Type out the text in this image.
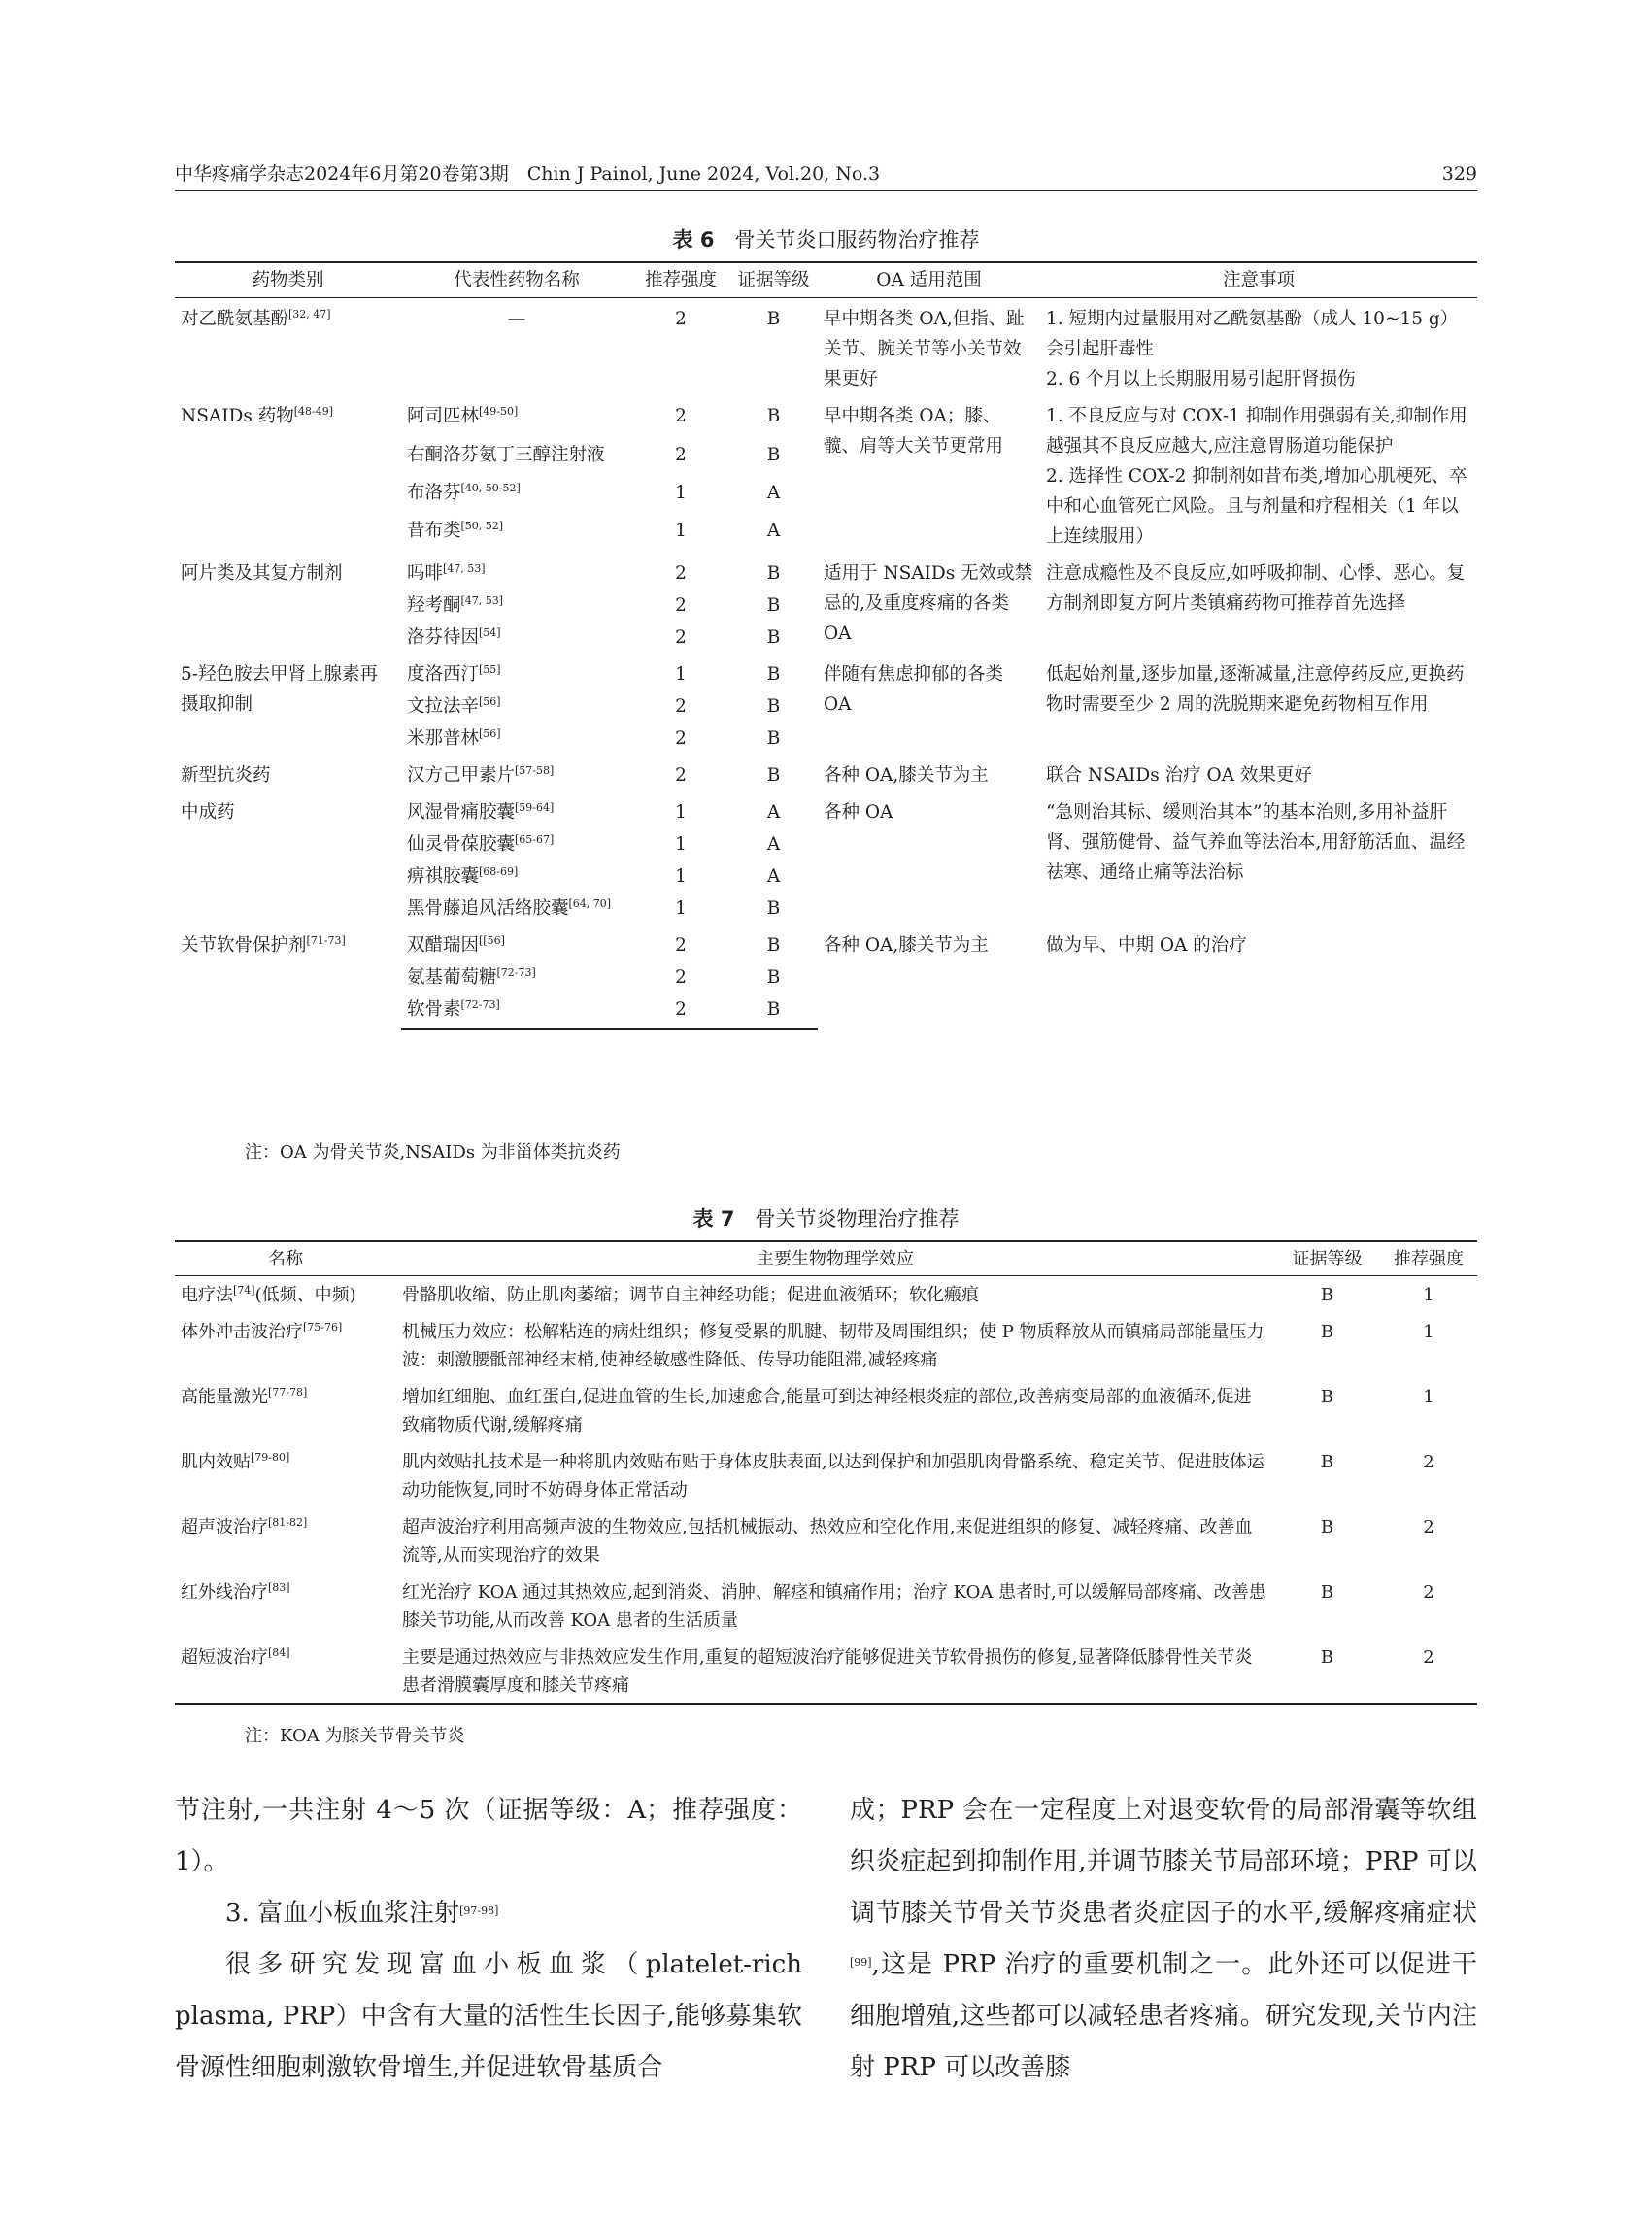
中华疼痛学杂志2024年6月第20卷第3期　Chin J Painol, June 2024, Vol.20, No.3	329
表 6　 骨关节炎口服药物治疗推荐
药物类别	代表性药物名称	推荐强度	证据等级	OA 适用范围	注意事项
对乙酰氨基酚[32, 47]	—	2	B	早中期各类 OA,但指、趾关节、腕关节等小关节效果更好	1. 短期内过量服用对乙酰氨基酚（成人 10~15 g）会引起肝毒性
2. 6 个月以上长期服用易引起肝肾损伤
NSAIDs 药物[48-49]	阿司匹林[49-50]	2	B	早中期各类 OA；膝、髋、肩等大关节更常用	1. 不良反应与对 COX-1 抑制作用强弱有关,抑制作用越强其不良反应越大,应注意胃肠道功能保护
2. 选择性 COX-2 抑制剂如昔布类,增加心肌梗死、卒中和心血管死亡风险。且与剂量和疗程相关（1 年以上连续服用）
	右酮洛芬氨丁三醇注射液	2	B		
	布洛芬[40, 50-52]	1	A		
	昔布类[50, 52]	1	A		
阿片类及其复方制剂	吗啡[47, 53]	2	B	适用于 NSAIDs 无效或禁忌的,及重度疼痛的各类 OA	注意成瘾性及不良反应,如呼吸抑制、心悸、恶心。复方制剂即复方阿片类镇痛药物可推荐首先选择
	羟考酮[47, 53]	2	B		
	洛芬待因[54]	2	B		
5-羟色胺去甲肾上腺素再摄取抑制	度洛西汀[55]	1	B	伴随有焦虑抑郁的各类 OA	低起始剂量,逐步加量,逐渐减量,注意停药反应,更换药物时需要至少 2 周的洗脱期来避免药物相互作用
	文拉法辛[56]	2	B		
	米那普林[56]	2	B		
新型抗炎药	汉方己甲素片[57-58]	2	B	各种 OA,膝关节为主	联合 NSAIDs 治疗 OA 效果更好
中成药	风湿骨痛胶囊[59-64]	1	A	各种 OA	“急则治其标、缓则治其本”的基本治则,多用补益肝肾、强筋健骨、益气养血等法治本,用舒筋活血、温经祛寒、通络止痛等法治标
	仙灵骨葆胶囊[65-67]	1	A		
	痹祺胶囊[68-69]	1	A		
	黑骨藤追风活络胶囊[64, 70]	1	B		
关节软骨保护剂[71-73]	双醋瑞因[[56]	2	B	各种 OA,膝关节为主	做为早、中期 OA 的治疗
	氨基葡萄糖[72-73]	2	B		
	软骨素[72-73]	2	B		
注：OA 为骨关节炎,NSAIDs 为非甾体类抗炎药
表 7　 骨关节炎物理治疗推荐
名称	主要生物物理学效应	证据等级	推荐强度
电疗法[74](低频、中频)	骨骼肌收缩、防止肌肉萎缩；调节自主神经功能；促进血液循环；软化瘢痕	B	1
体外冲击波治疗[75-76]	机械压力效应：松解粘连的病灶组织；修复受累的肌腱、韧带及周围组织；使 P 物质释放从而镇痛局部能量压力波：刺激腰骶部神经末梢,使神经敏感性降低、传导功能阻滞,减轻疼痛	B	1
高能量激光[77-78]	增加红细胞、血红蛋白,促进血管的生长,加速愈合,能量可到达神经根炎症的部位,改善病变局部的血液循环,促进致痛物质代谢,缓解疼痛	B	1
肌内效贴[79-80]	肌内效贴扎技术是一种将肌内效贴布贴于身体皮肤表面,以达到保护和加强肌肉骨骼系统、稳定关节、促进肢体运动功能恢复,同时不妨碍身体正常活动	B	2
超声波治疗[81-82]	超声波治疗利用高频声波的生物效应,包括机械振动、热效应和空化作用,来促进组织的修复、减轻疼痛、改善血流等,从而实现治疗的效果	B	2
红外线治疗[83]	红光治疗 KOA 通过其热效应,起到消炎、消肿、解痉和镇痛作用；治疗 KOA 患者时,可以缓解局部疼痛、改善患膝关节功能,从而改善 KOA 患者的生活质量	B	2
超短波治疗[84]	主要是通过热效应与非热效应发生作用,重复的超短波治疗能够促进关节软骨损伤的修复,显著降低膝骨性关节炎患者滑膜囊厚度和膝关节疼痛	B	2
注：KOA 为膝关节骨关节炎

节注射,一共注射 4～5 次（证据等级：A；推荐强度：1）。

3. 富血小板血浆注射[97-98]

很多研究发现富血小板血浆（platelet-rich plasma, PRP）中含有大量的活性生长因子,能够募集软骨源性细胞刺激软骨增生,并促进软骨基质合

成；PRP 会在一定程度上对退变软骨的局部滑囊等软组织炎症起到抑制作用,并调节膝关节局部环境；PRP 可以调节膝关节骨关节炎患者炎症因子的水平,缓解疼痛症状[99],这是 PRP 治疗的重要机制之一。此外还可以促进干细胞增殖,这些都可以减轻患者疼痛。研究发现,关节内注射 PRP 可以改善膝
